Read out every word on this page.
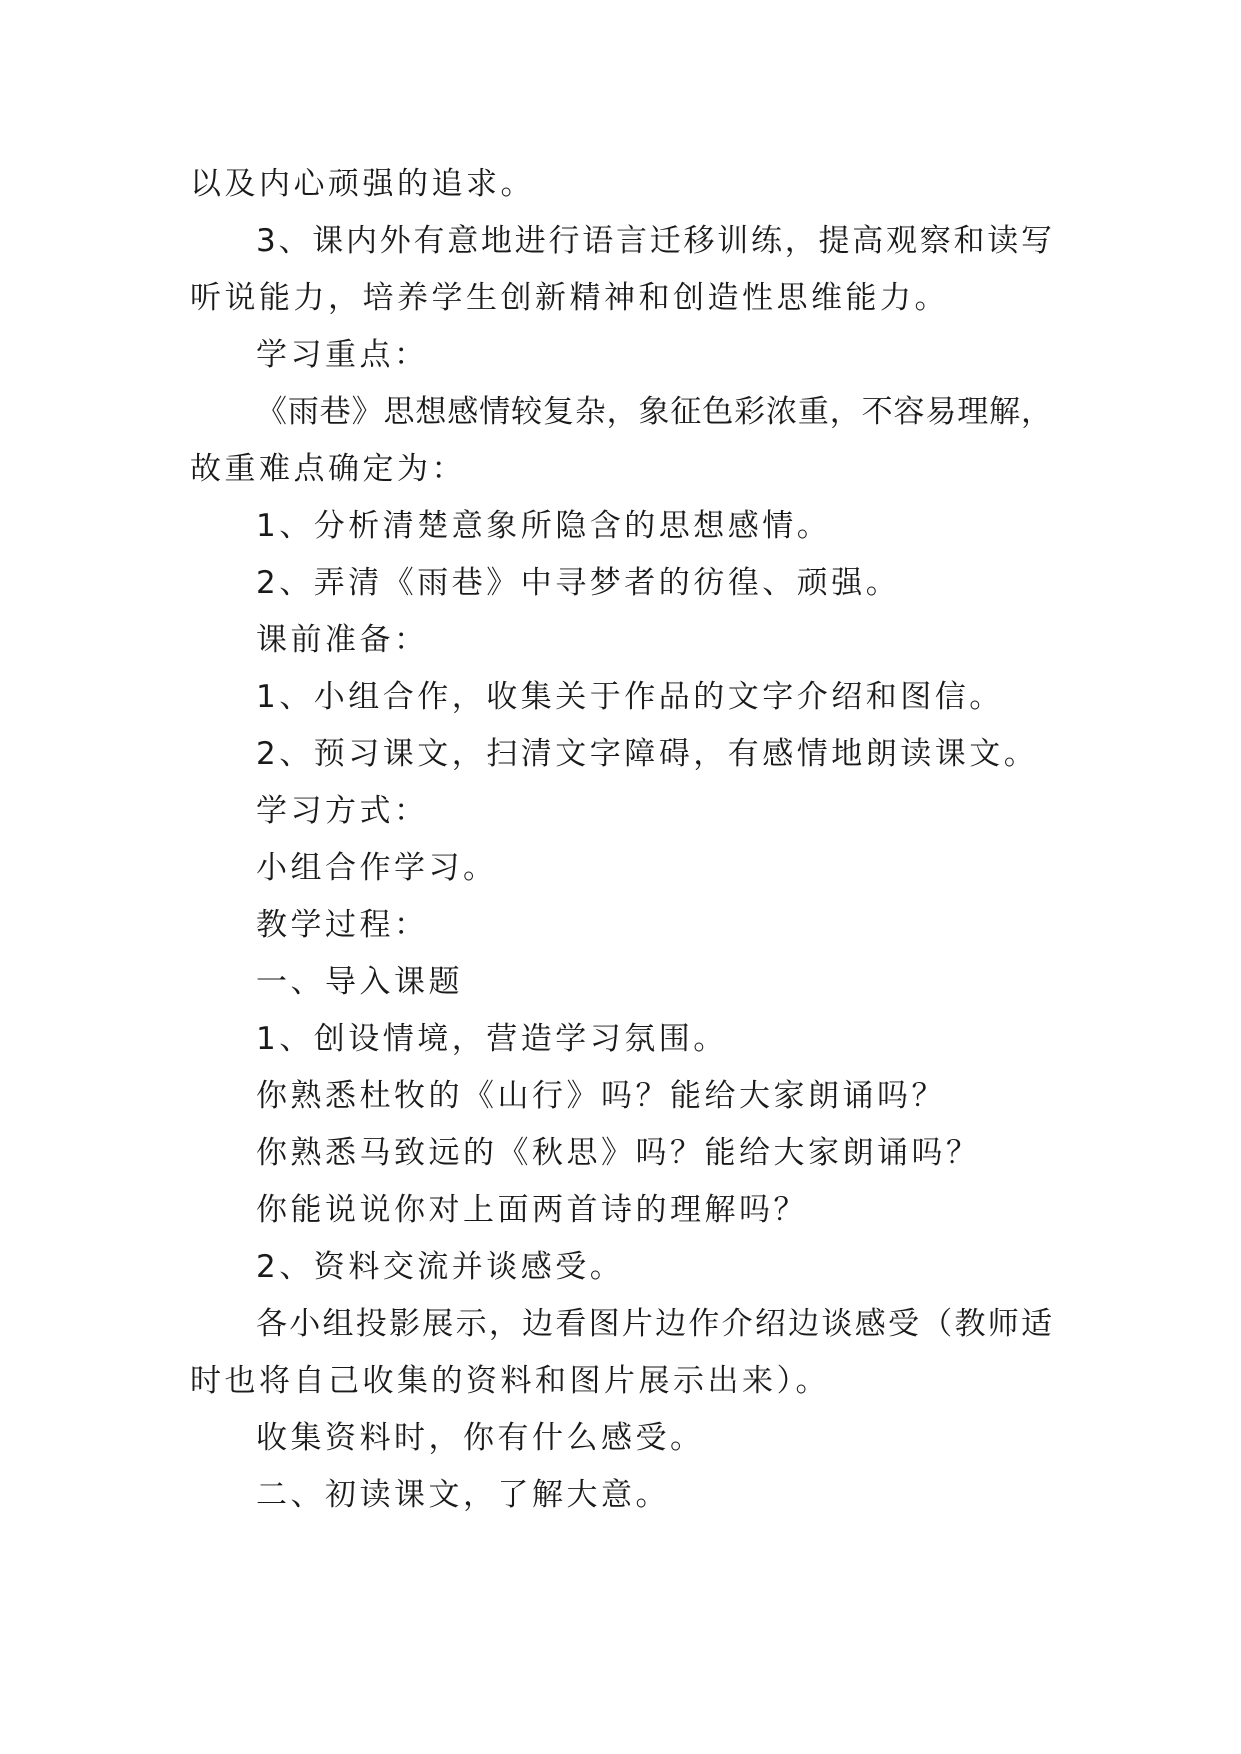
以及内心顽强的追求。
3、课内外有意地进行语言迁移训练，提高观察和读写
听说能力，培养学生创新精神和创造性思维能力。
学习重点：
《雨巷》思想感情较复杂，象征色彩浓重，不容易理解，
故重难点确定为：
1、分析清楚意象所隐含的思想感情。
2、弄清《雨巷》中寻梦者的彷徨、顽强。
课前准备：
1、小组合作，收集关于作品的文字介绍和图信。
2、预习课文，扫清文字障碍，有感情地朗读课文。
学习方式：
小组合作学习。
教学过程：
一、导入课题
1、创设情境，营造学习氛围。
你熟悉杜牧的《山行》吗？能给大家朗诵吗？
你熟悉马致远的《秋思》吗？能给大家朗诵吗？
你能说说你对上面两首诗的理解吗？
2、资料交流并谈感受。
各小组投影展示，边看图片边作介绍边谈感受（教师适
时也将自己收集的资料和图片展示出来）。
收集资料时，你有什么感受。
二、初读课文，了解大意。
